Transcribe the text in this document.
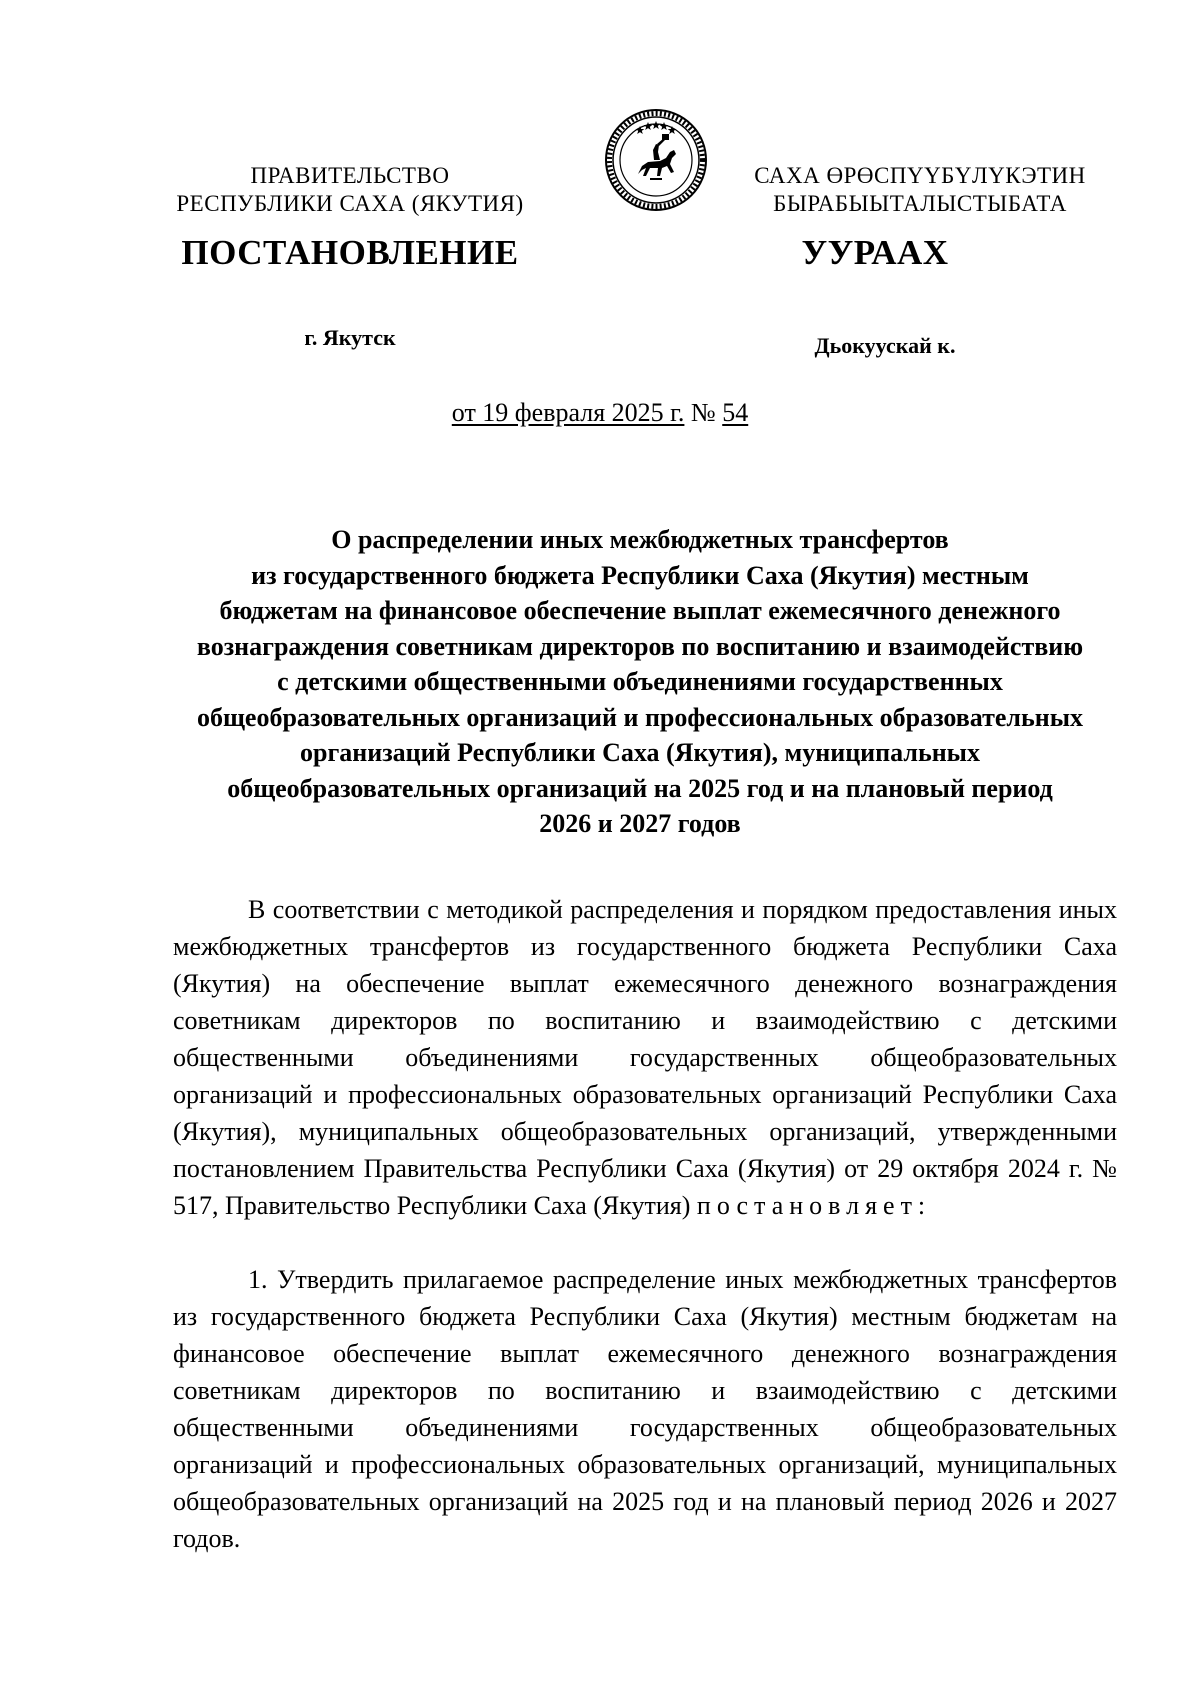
ПРАВИТЕЛЬСТВО
РЕСПУБЛИКИ САХА (ЯКУТИЯ)
САХА ӨРӨСПҮҮБҮЛҮКЭТИН
БЫРАБЫЫТАЛЫСТЫБАТА
ПОСТАНОВЛЕНИЕ	УУРААХ
г. Якутск	Дьокуускай к.
от 19 февраля 2025 г. № 54
О распределении иных межбюджетных трансфертов
из государственного бюджета Республики Саха (Якутия) местным
бюджетам на финансовое обеспечение выплат ежемесячного денежного
вознаграждения советникам директоров по воспитанию и взаимодействию
с детскими общественными объединениями государственных
общеобразовательных организаций и профессиональных образовательных
организаций Республики Саха (Якутия), муниципальных
общеобразовательных организаций на 2025 год и на плановый период
2026 и 2027 годов
В соответствии с методикой распределения и порядком предоставления иных межбюджетных трансфертов из государственного бюджета Республики Саха (Якутия) на обеспечение выплат ежемесячного денежного вознаграждения советникам директоров по воспитанию и взаимодействию с детскими общественными объединениями государственных общеобразовательных организаций и профессиональных образовательных организаций Республики Саха (Якутия), муниципальных общеобразовательных организаций, утвержденными постановлением Правительства Республики Саха (Якутия) от 29 октября 2024 г. № 517, Правительство Республики Саха (Якутия) постановляет:
1. Утвердить прилагаемое распределение иных межбюджетных трансфертов из государственного бюджета Республики Саха (Якутия) местным бюджетам на финансовое обеспечение выплат ежемесячного денежного вознаграждения советникам директоров по воспитанию и взаимодействию с детскими общественными объединениями государственных общеобразовательных организаций и профессиональных образовательных организаций, муниципальных общеобразовательных организаций на 2025 год и на плановый период 2026 и 2027 годов.
